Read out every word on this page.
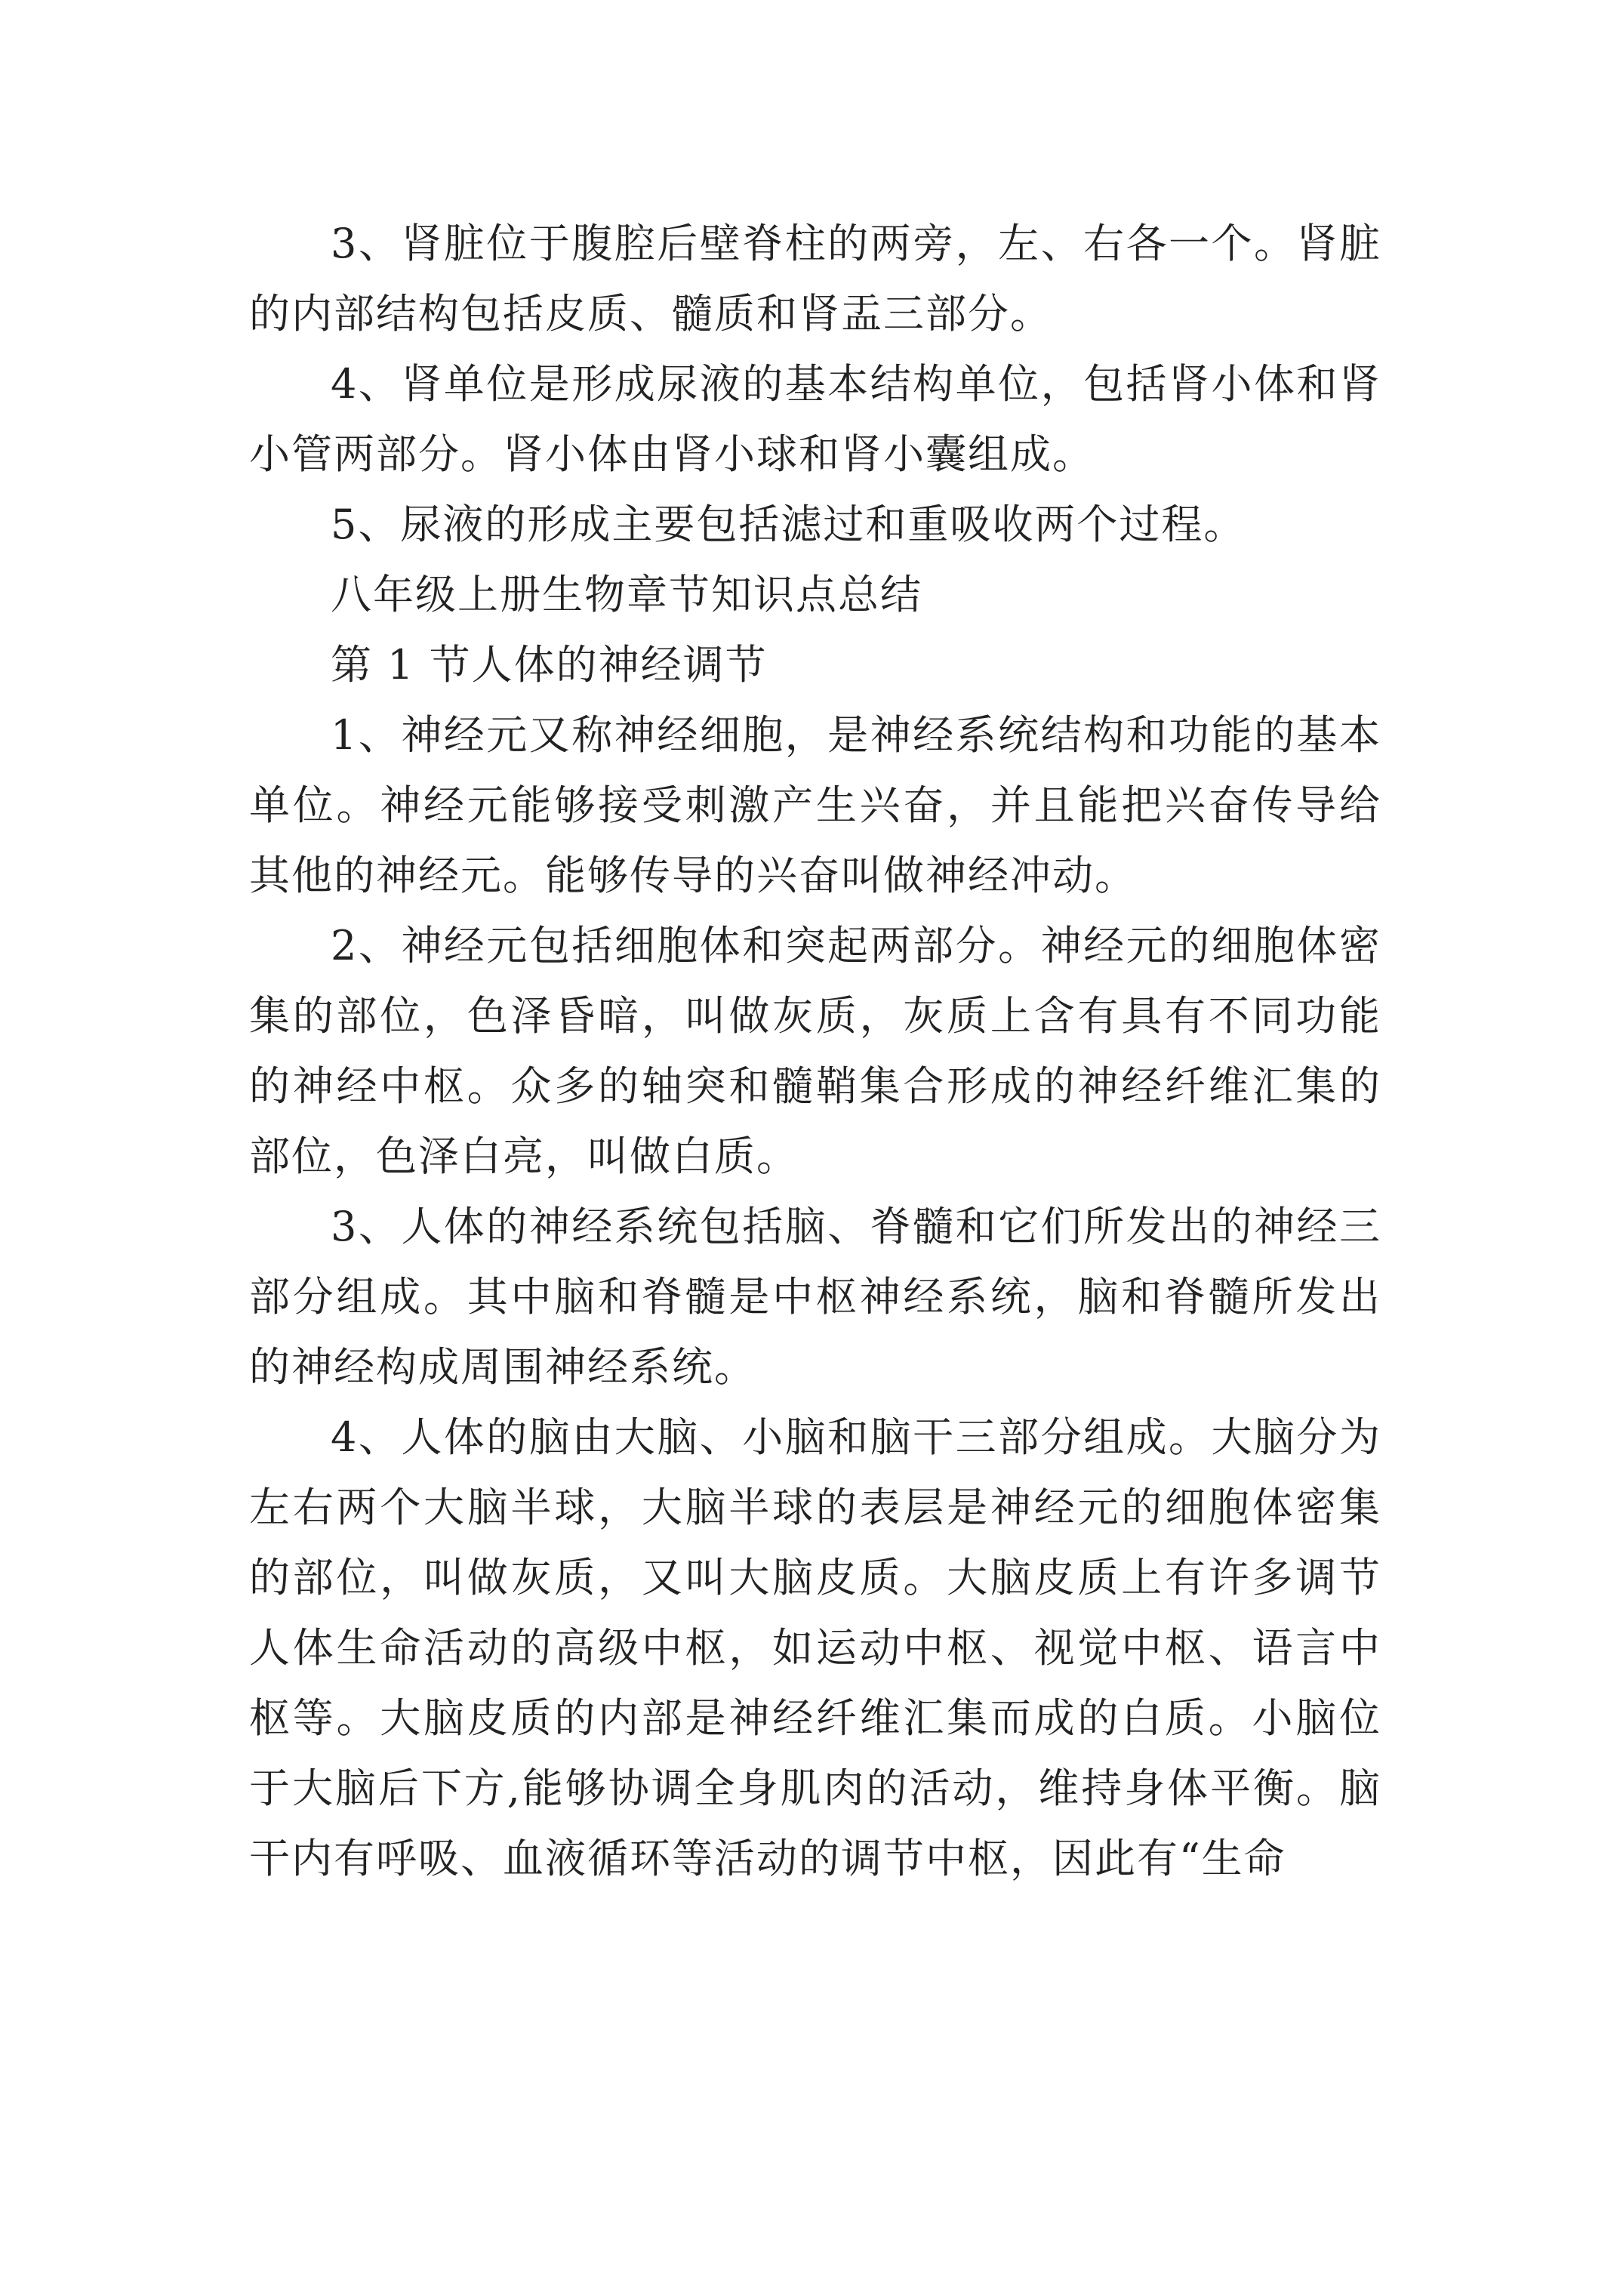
3、肾脏位于腹腔后壁脊柱的两旁，左、右各一个。肾脏的内部结构包括皮质、髓质和肾盂三部分。

4、肾单位是形成尿液的基本结构单位，包括肾小体和肾小管两部分。肾小体由肾小球和肾小囊组成。

5、尿液的形成主要包括滤过和重吸收两个过程。

八年级上册生物章节知识点总结

第 1 节人体的神经调节

1、神经元又称神经细胞，是神经系统结构和功能的基本单位。神经元能够接受刺激产生兴奋，并且能把兴奋传导给其他的神经元。能够传导的兴奋叫做神经冲动。

2、神经元包括细胞体和突起两部分。神经元的细胞体密集的部位，色泽昏暗，叫做灰质，灰质上含有具有不同功能的神经中枢。众多的轴突和髓鞘集合形成的神经纤维汇集的部位，色泽白亮，叫做白质。

3、人体的神经系统包括脑、脊髓和它们所发出的神经三部分组成。其中脑和脊髓是中枢神经系统，脑和脊髓所发出的神经构成周围神经系统。

4、人体的脑由大脑、小脑和脑干三部分组成。大脑分为左右两个大脑半球，大脑半球的表层是神经元的细胞体密集的部位，叫做灰质，又叫大脑皮质。大脑皮质上有许多调节人体生命活动的高级中枢，如运动中枢、视觉中枢、语言中枢等。大脑皮质的内部是神经纤维汇集而成的白质。小脑位于大脑后下方,能够协调全身肌肉的活动，维持身体平衡。脑干内有呼吸、血液循环等活动的调节中枢，因此有“生命
